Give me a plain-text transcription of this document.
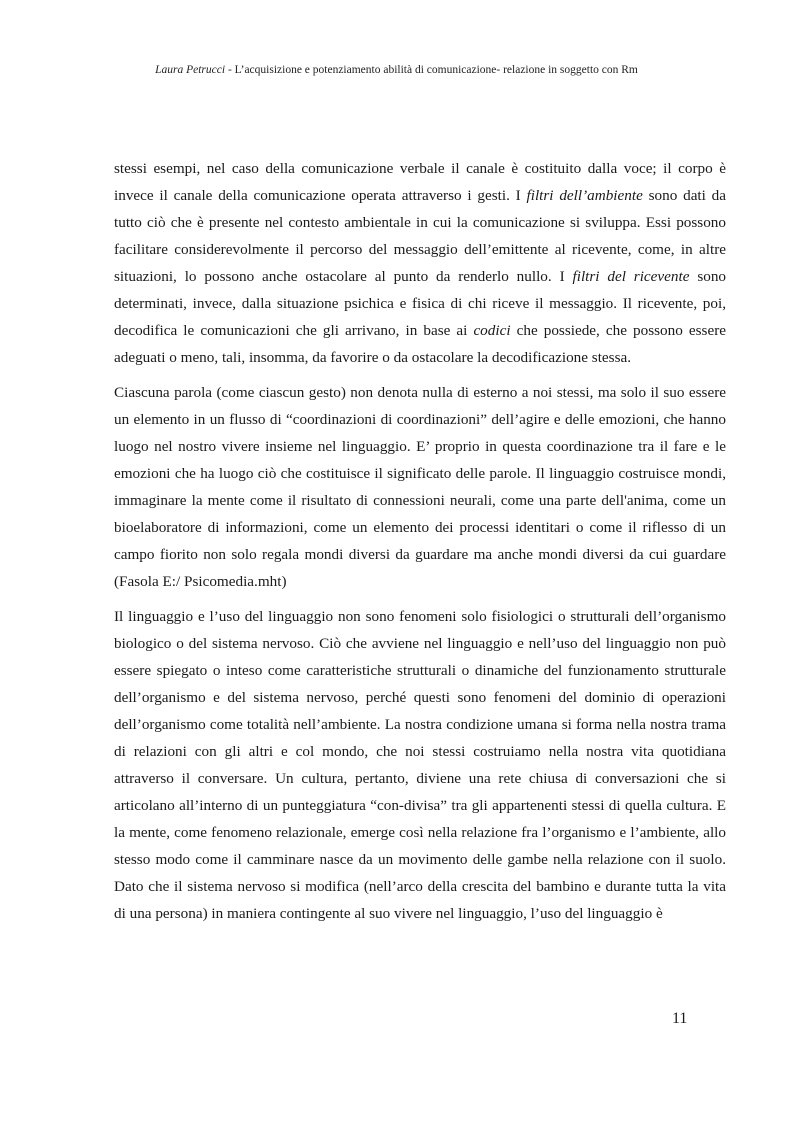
Laura Petrucci - L’acquisizione e potenziamento abilità di comunicazione- relazione in soggetto con Rm

stessi esempi, nel caso della comunicazione verbale il canale è costituito dalla voce; il corpo è invece il canale della comunicazione operata attraverso i gesti. I filtri dell’ambiente sono dati da tutto ciò che è presente nel contesto ambientale in cui la comunicazione si sviluppa. Essi possono facilitare considerevolmente il percorso del messaggio dell’emittente al ricevente, come, in altre situazioni, lo possono anche ostacolare al punto da renderlo nullo. I filtri del ricevente sono determinati, invece, dalla situazione psichica e fisica di chi riceve il messaggio. Il ricevente, poi, decodifica le comunicazioni che gli arrivano, in base ai codici che possiede, che possono essere adeguati o meno, tali, insomma, da favorire o da ostacolare la decodificazione stessa.

Ciascuna parola (come ciascun gesto) non denota nulla di esterno a noi stessi, ma solo il suo essere un elemento in un flusso di “coordinazioni di coordinazioni” dell’agire e delle emozioni, che hanno luogo nel nostro vivere insieme nel linguaggio. E’ proprio in questa coordinazione tra il fare e le emozioni che ha luogo ciò che costituisce il significato delle parole. Il linguaggio costruisce mondi, immaginare la mente come il risultato di connessioni neurali, come una parte dell'anima, come un bioelaboratore di informazioni, come un elemento dei processi identitari o come il riflesso di un campo fiorito non solo regala mondi diversi da guardare ma anche mondi diversi da cui guardare (Fasola E:/ Psicomedia.mht)

Il linguaggio e l’uso del linguaggio non sono fenomeni solo fisiologici o strutturali dell’organismo biologico o del sistema nervoso. Ciò che avviene nel linguaggio e nell’uso del linguaggio non può essere spiegato o inteso come caratteristiche strutturali o dinamiche del funzionamento strutturale dell’organismo e del sistema nervoso, perché questi sono fenomeni del dominio di operazioni dell’organismo come totalità nell’ambiente. La nostra condizione umana si forma nella nostra trama di relazioni con gli altri e col mondo, che noi stessi costruiamo nella nostra vita quotidiana attraverso il conversare. Un cultura, pertanto, diviene una rete chiusa di conversazioni che si articolano all’interno di un punteggiatura “con-divisa” tra gli appartenenti stessi di quella cultura. E la mente, come fenomeno relazionale, emerge così nella relazione fra l’organismo e l’ambiente, allo stesso modo come il camminare nasce da un movimento delle gambe nella relazione con il suolo. Dato che il sistema nervoso si modifica (nell’arco della crescita del bambino e durante tutta la vita di una persona) in maniera contingente al suo vivere nel linguaggio, l’uso del linguaggio è

11
